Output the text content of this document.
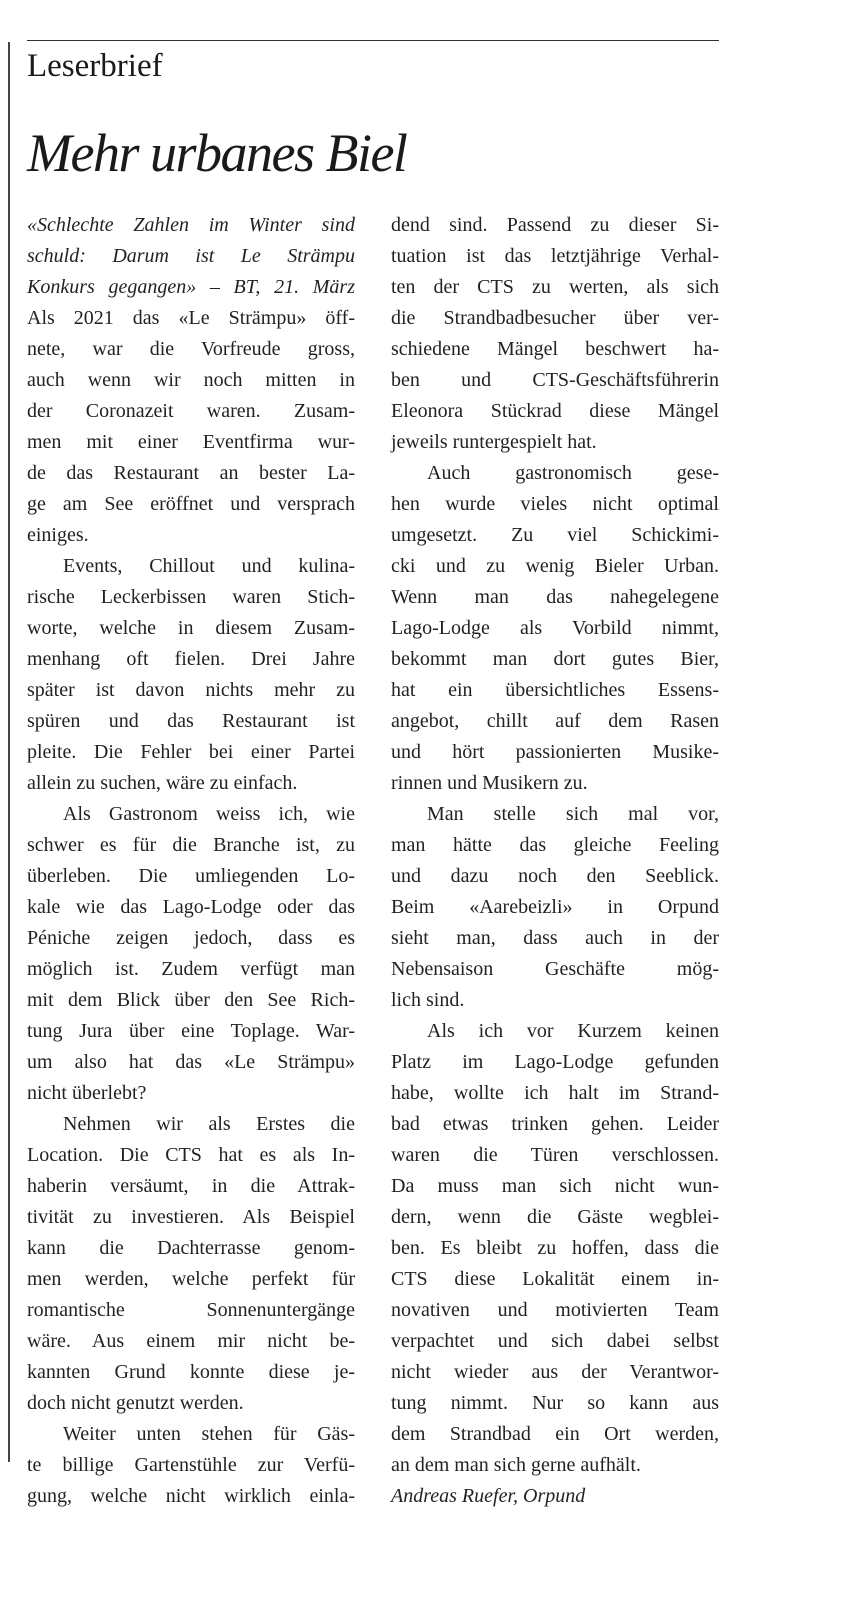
Leserbrief
Mehr urbanes Biel
«Schlechte Zahlen im Winter sind
schuld: Darum ist Le Strämpu
Konkurs gegangen» – BT, 21. März
Als 2021 das «Le Strämpu» öff-
nete, war die Vorfreude gross,
auch wenn wir noch mitten in
der Coronazeit waren. Zusam-
men mit einer Eventfirma wur-
de das Restaurant an bester La-
ge am See eröffnet und versprach
einiges.
Events, Chillout und kulina-
rische Leckerbissen waren Stich-
worte, welche in diesem Zusam-
menhang oft fielen. Drei Jahre
später ist davon nichts mehr zu
spüren und das Restaurant ist
pleite. Die Fehler bei einer Partei
allein zu suchen, wäre zu einfach.
Als Gastronom weiss ich, wie
schwer es für die Branche ist, zu
überleben. Die umliegenden Lo-
kale wie das Lago-Lodge oder das
Péniche zeigen jedoch, dass es
möglich ist. Zudem verfügt man
mit dem Blick über den See Rich-
tung Jura über eine Toplage. War-
um also hat das «Le Strämpu»
nicht überlebt?
Nehmen wir als Erstes die
Location. Die CTS hat es als In-
haberin versäumt, in die Attrak-
tivität zu investieren. Als Beispiel
kann die Dachterrasse genom-
men werden, welche perfekt für
romantische Sonnenuntergänge
wäre. Aus einem mir nicht be-
kannten Grund konnte diese je-
doch nicht genutzt werden.
Weiter unten stehen für Gäs-
te billige Gartenstühle zur Verfü-
gung, welche nicht wirklich einla-
dend sind. Passend zu dieser Si-
tuation ist das letztjährige Verhal-
ten der CTS zu werten, als sich
die Strandbadbesucher über ver-
schiedene Mängel beschwert ha-
ben und CTS-Geschäftsführerin
Eleonora Stückrad diese Mängel
jeweils runtergespielt hat.
Auch gastronomisch gese-
hen wurde vieles nicht optimal
umgesetzt. Zu viel Schickimi-
cki und zu wenig Bieler Urban.
Wenn man das nahegelegene
Lago-Lodge als Vorbild nimmt,
bekommt man dort gutes Bier,
hat ein übersichtliches Essens-
angebot, chillt auf dem Rasen
und hört passionierten Musike-
rinnen und Musikern zu.
Man stelle sich mal vor,
man hätte das gleiche Feeling
und dazu noch den Seeblick.
Beim «Aarebeizli» in Orpund
sieht man, dass auch in der
Nebensaison Geschäfte mög-
lich sind.
Als ich vor Kurzem keinen
Platz im Lago-Lodge gefunden
habe, wollte ich halt im Strand-
bad etwas trinken gehen. Leider
waren die Türen verschlossen.
Da muss man sich nicht wun-
dern, wenn die Gäste wegblei-
ben. Es bleibt zu hoffen, dass die
CTS diese Lokalität einem in-
novativen und motivierten Team
verpachtet und sich dabei selbst
nicht wieder aus der Verantwor-
tung nimmt. Nur so kann aus
dem Strandbad ein Ort werden,
an dem man sich gerne aufhält.
Andreas Ruefer, Orpund
